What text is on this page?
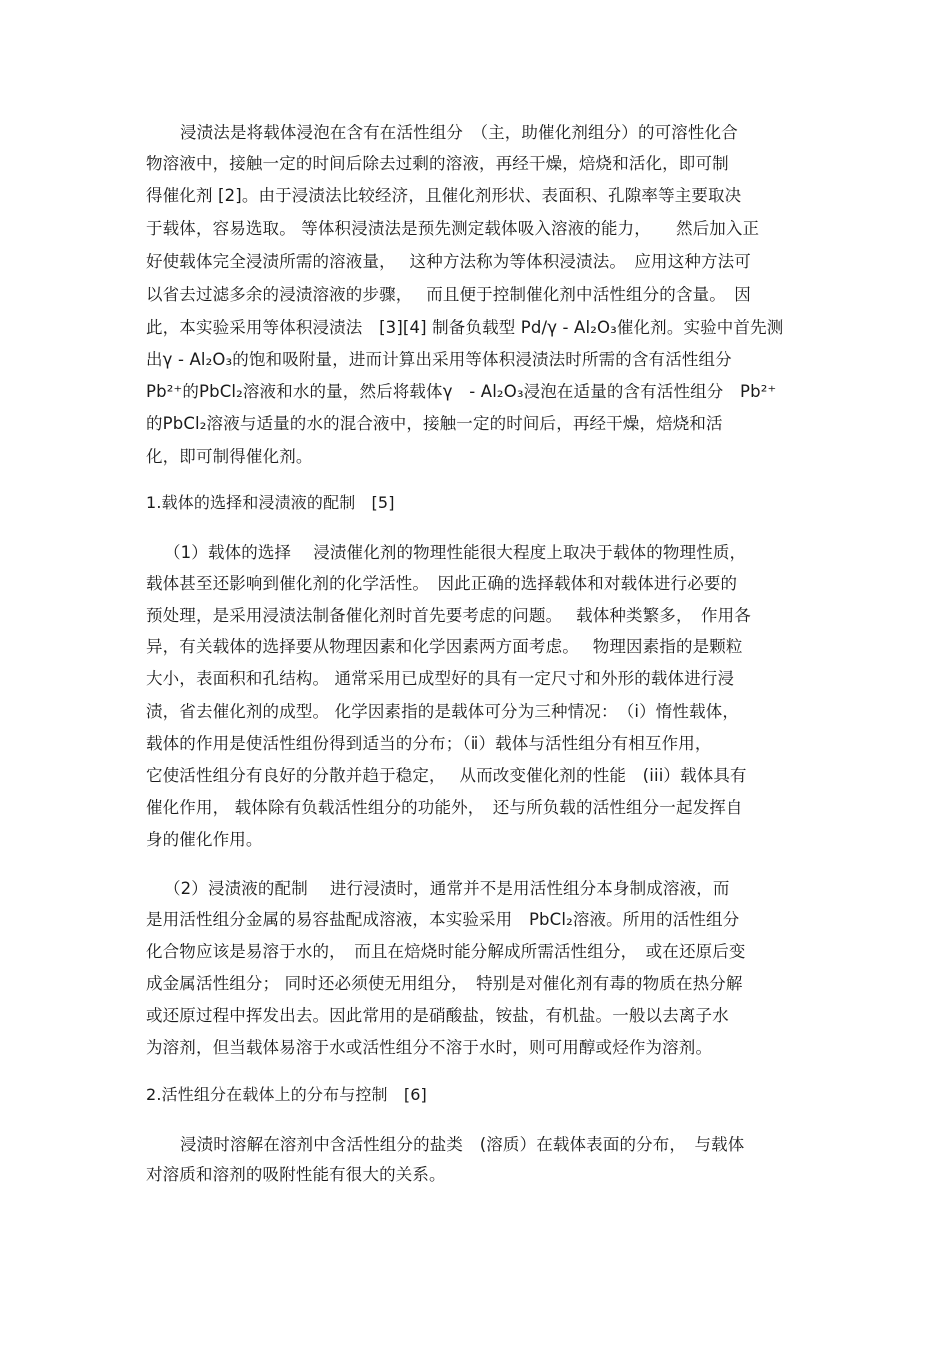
浸渍法是将载体浸泡在含有在活性组分　（主，助催化剂组分）的可溶性化合
物溶液中，接触一定的时间后除去过剩的溶液，再经干燥，焙烧和活化，即可制
得催化剂 [2]。由于浸渍法比较经济，且催化剂形状、表面积、孔隙率等主要取决
于载体，容易选取。 等体积浸渍法是预先测定载体吸入溶液的能力，　　然后加入正
好使载体完全浸渍所需的溶液量，　 这种方法称为等体积浸渍法。　应用这种方法可
以省去过滤多余的浸渍溶液的步骤，　 而且便于控制催化剂中活性组分的含量。　因
此，本实验采用等体积浸渍法　[3][4] 制备负载型 Pd/γ - Al₂O₃催化剂。实验中首先测
出γ - Al₂O₃的饱和吸附量，进而计算出采用等体积浸渍法时所需的含有活性组分
Pb²⁺的PbCl₂溶液和水的量，然后将载体γ　- Al₂O₃浸泡在适量的含有活性组分　Pb²⁺
的PbCl₂溶液与适量的水的混合液中，接触一定的时间后，再经干燥，焙烧和活
化，即可制得催化剂。
1.载体的选择和浸渍液的配制　[5]
（1）载体的选择　 浸渍催化剂的物理性能很大程度上取决于载体的物理性质，
载体甚至还影响到催化剂的化学活性。　因此正确的选择载体和对载体进行必要的
预处理，是采用浸渍法制备催化剂时首先要考虑的问题。　 载体种类繁多，　作用各
异，有关载体的选择要从物理因素和化学因素两方面考虑。　 物理因素指的是颗粒
大小，表面积和孔结构。 通常采用已成型好的具有一定尺寸和外形的载体进行浸
渍，省去催化剂的成型。 化学因素指的是载体可分为三种情况：　（ⅰ）惰性载体，
载体的作用是使活性组份得到适当的分布；（ⅱ）载体与活性组分有相互作用，
它使活性组分有良好的分散并趋于稳定，　 从而改变催化剂的性能　(iii）载体具有
催化作用， 载体除有负载活性组分的功能外，　还与所负载的活性组分一起发挥自
身的催化作用。
（2）浸渍液的配制　 进行浸渍时，通常并不是用活性组分本身制成溶液，而
是用活性组分金属的易容盐配成溶液，本实验采用　PbCl₂溶液。所用的活性组分
化合物应该是易溶于水的，　而且在焙烧时能分解成所需活性组分，　或在还原后变
成金属活性组分； 同时还必须使无用组分，　特别是对催化剂有毒的物质在热分解
或还原过程中挥发出去。因此常用的是硝酸盐，铵盐，有机盐。一般以去离子水
为溶剂，但当载体易溶于水或活性组分不溶于水时，则可用醇或烃作为溶剂。
2.活性组分在载体上的分布与控制　[6]
浸渍时溶解在溶剂中含活性组分的盐类　(溶质）在载体表面的分布，　与载体
对溶质和溶剂的吸附性能有很大的关系。
